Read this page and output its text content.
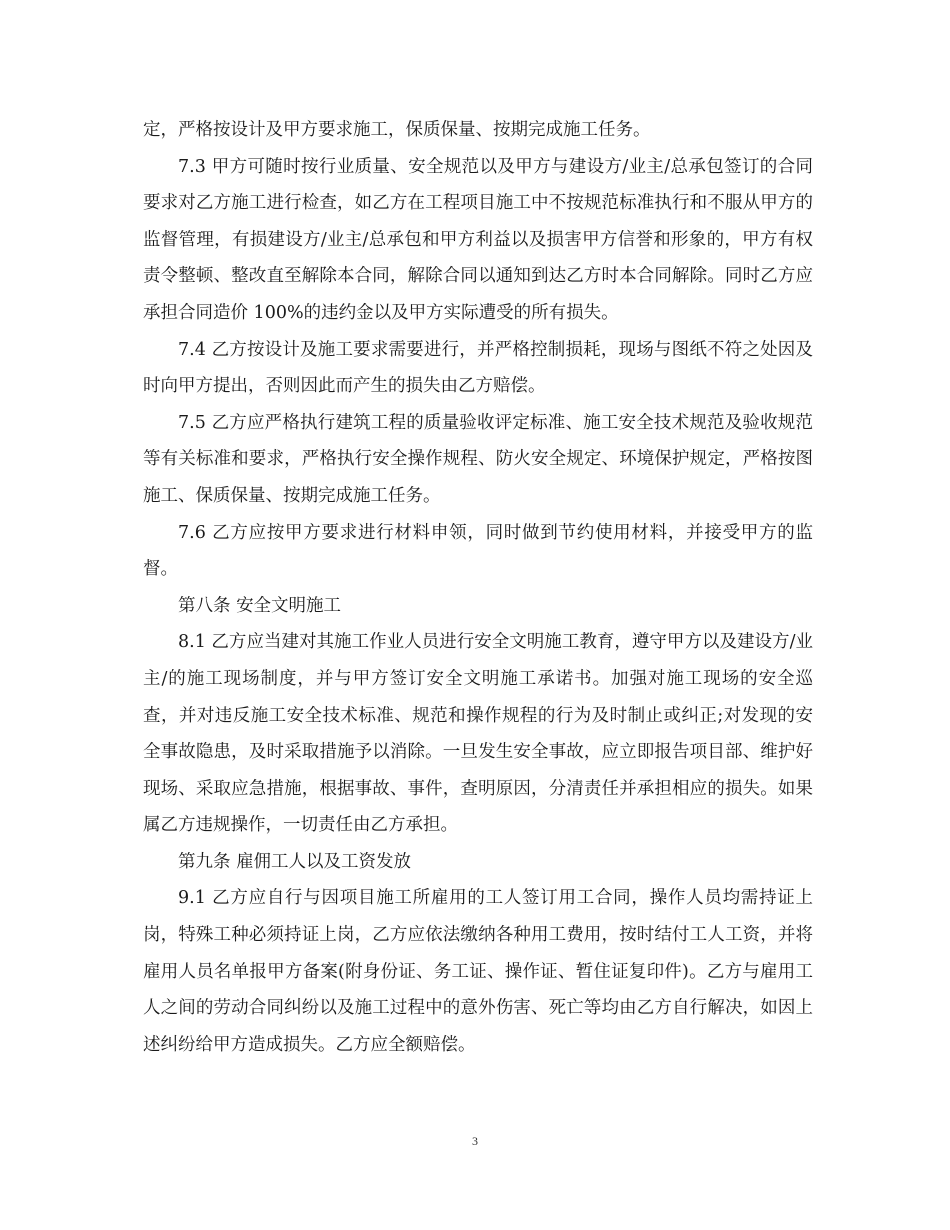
定，严格按设计及甲方要求施工，保质保量、按期完成施工任务。

7.3 甲方可随时按行业质量、安全规范以及甲方与建设方/业主/总承包签订的合同要求对乙方施工进行检查，如乙方在工程项目施工中不按规范标准执行和不服从甲方的监督管理，有损建设方/业主/总承包和甲方利益以及损害甲方信誉和形象的，甲方有权责令整顿、整改直至解除本合同，解除合同以通知到达乙方时本合同解除。同时乙方应承担合同造价 100%的违约金以及甲方实际遭受的所有损失。

7.4 乙方按设计及施工要求需要进行，并严格控制损耗，现场与图纸不符之处因及时向甲方提出，否则因此而产生的损失由乙方赔偿。

7.5 乙方应严格执行建筑工程的质量验收评定标准、施工安全技术规范及验收规范等有关标准和要求，严格执行安全操作规程、防火安全规定、环境保护规定，严格按图施工、保质保量、按期完成施工任务。

7.6 乙方应按甲方要求进行材料申领，同时做到节约使用材料，并接受甲方的监督。

第八条 安全文明施工

8.1 乙方应当建对其施工作业人员进行安全文明施工教育，遵守甲方以及建设方/业主/的施工现场制度，并与甲方签订安全文明施工承诺书。加强对施工现场的安全巡查，并对违反施工安全技术标准、规范和操作规程的行为及时制止或纠正;对发现的安全事故隐患，及时采取措施予以消除。一旦发生安全事故，应立即报告项目部、维护好现场、采取应急措施，根据事故、事件，查明原因，分清责任并承担相应的损失。如果属乙方违规操作，一切责任由乙方承担。

第九条 雇佣工人以及工资发放

9.1 乙方应自行与因项目施工所雇用的工人签订用工合同，操作人员均需持证上岗，特殊工种必须持证上岗，乙方应依法缴纳各种用工费用，按时结付工人工资，并将雇用人员名单报甲方备案(附身份证、务工证、操作证、暂住证复印件)。乙方与雇用工人之间的劳动合同纠纷以及施工过程中的意外伤害、死亡等均由乙方自行解决，如因上述纠纷给甲方造成损失。乙方应全额赔偿。

3
